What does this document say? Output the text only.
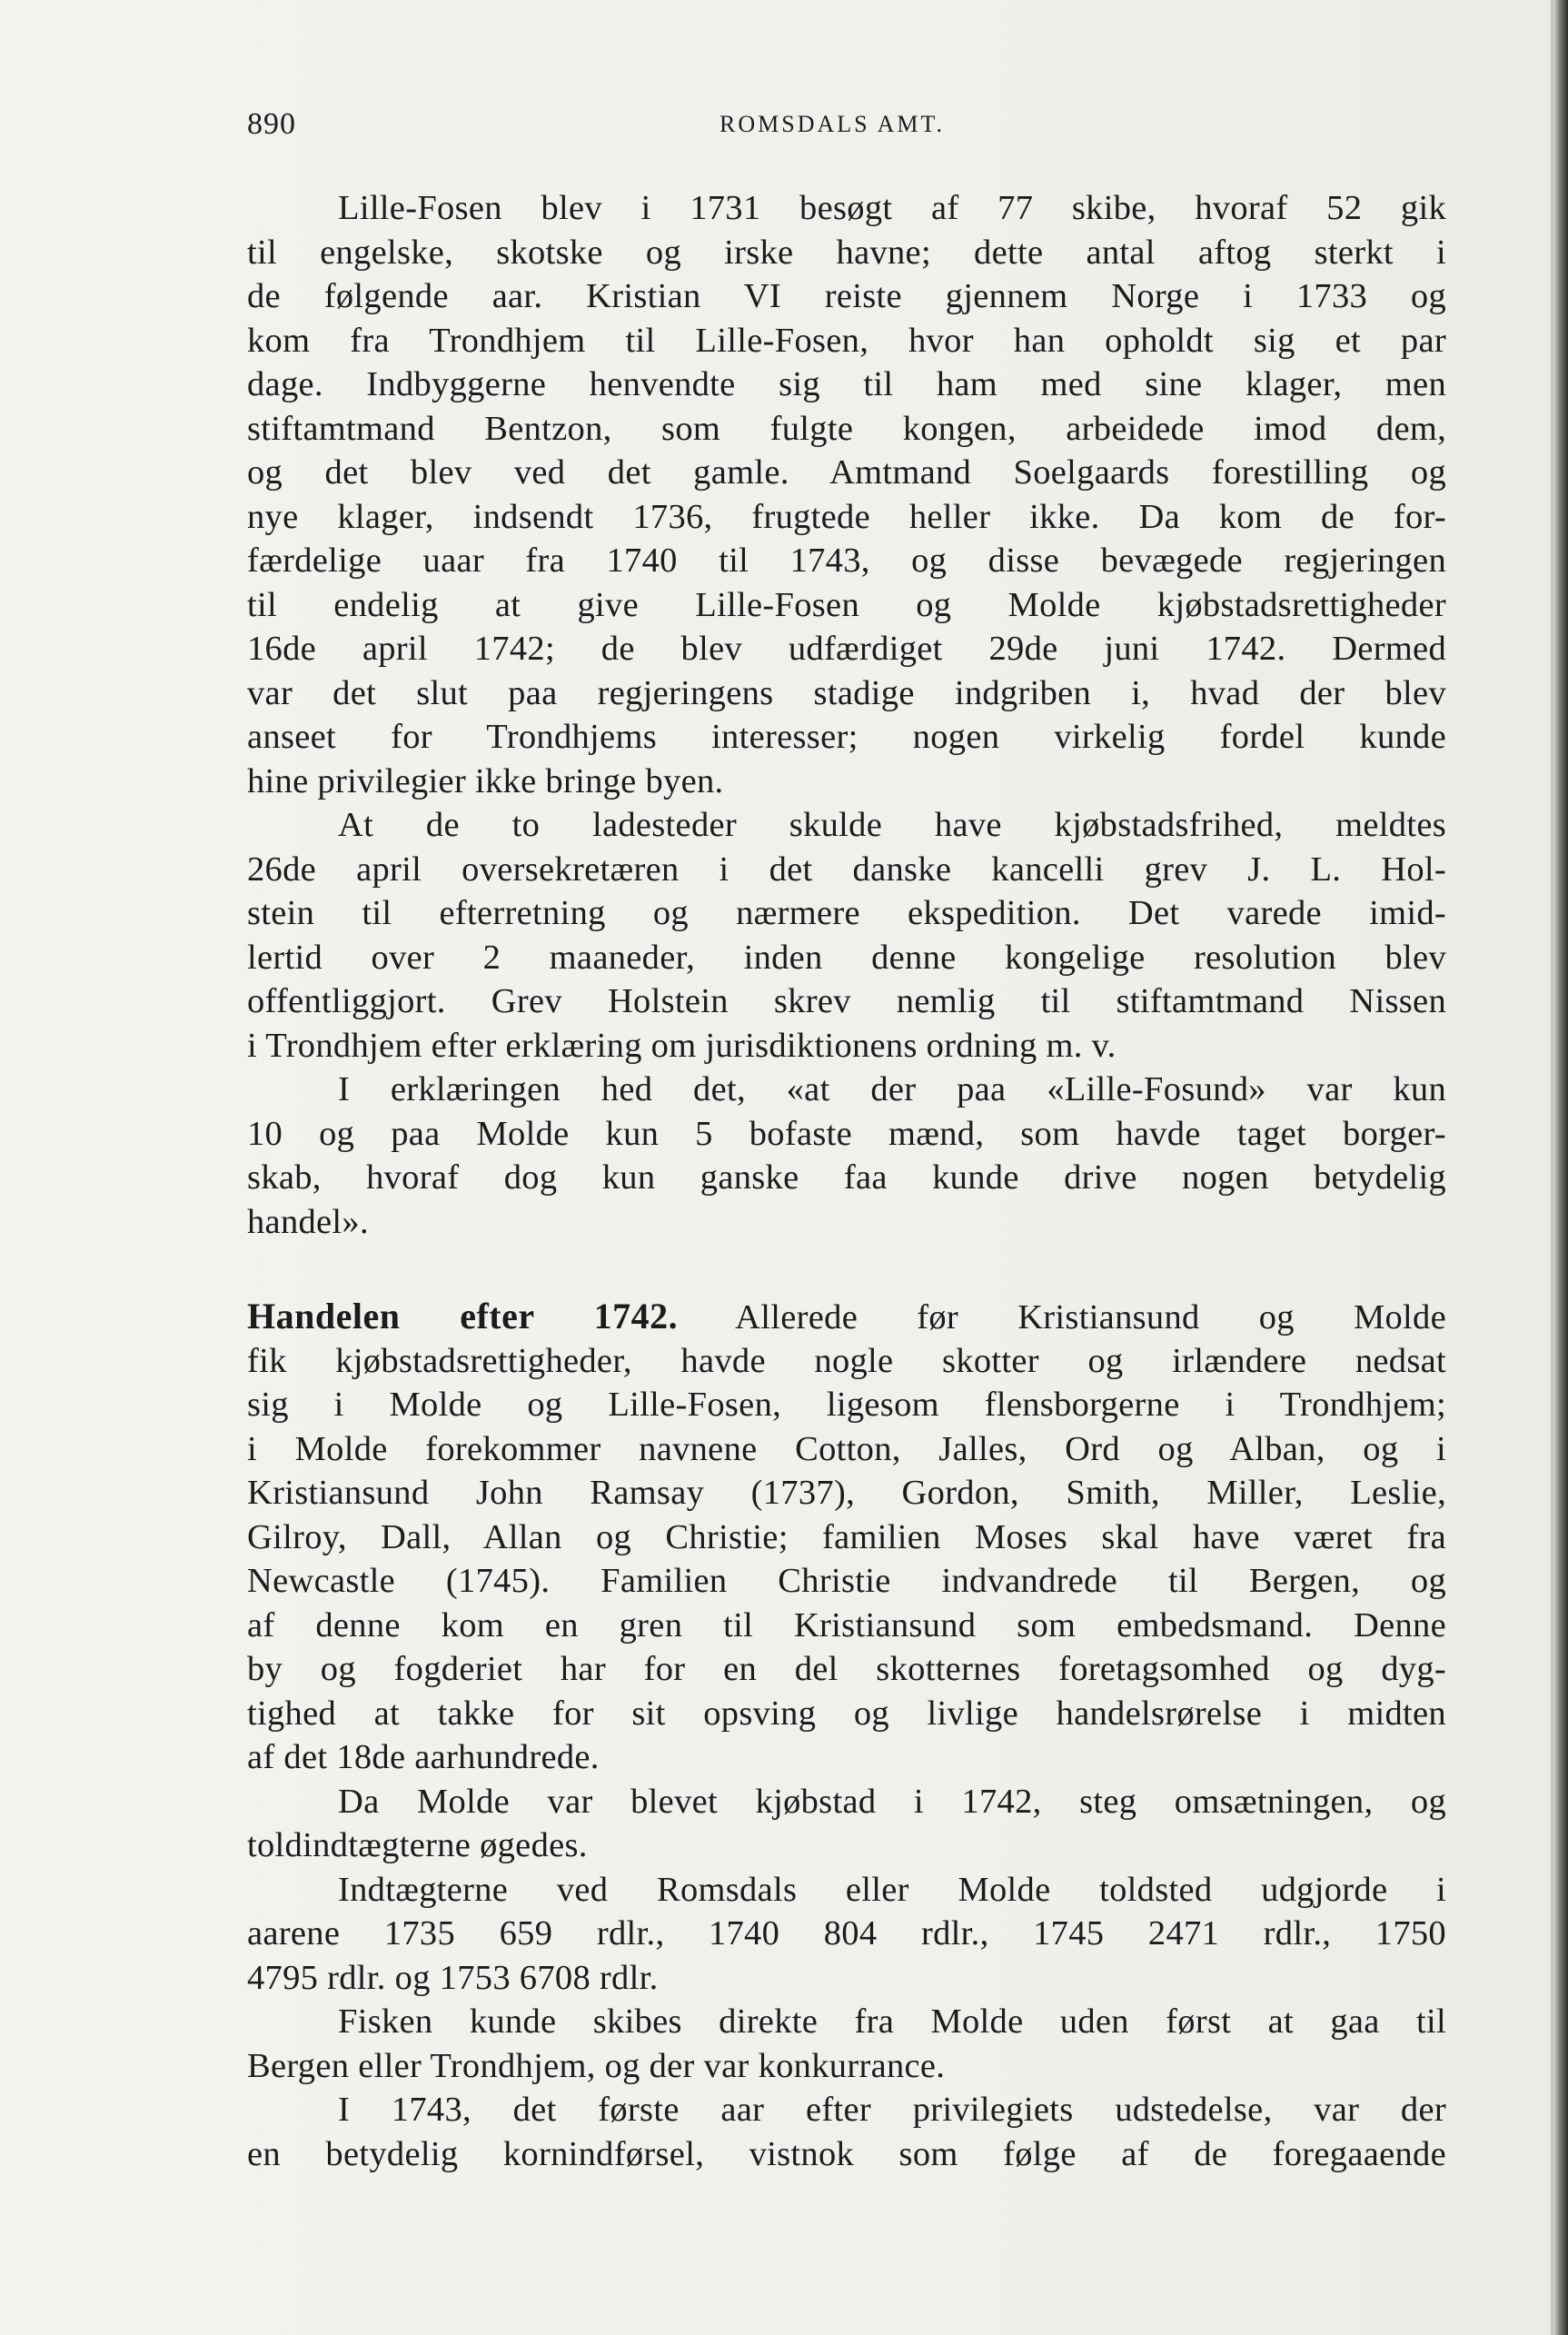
890	ROMSDALS AMT.
Lille-Fosen blev i 1731 besøgt af 77 skibe, hvoraf 52 gik
til engelske, skotske og irske havne; dette antal aftog sterkt i
de følgende aar. Kristian VI reiste gjennem Norge i 1733 og
kom fra Trondhjem til Lille-Fosen, hvor han opholdt sig et par
dage. Indbyggerne henvendte sig til ham med sine klager, men
stiftamtmand Bentzon, som fulgte kongen, arbeidede imod dem,
og det blev ved det gamle. Amtmand Soelgaards forestilling og
nye klager, indsendt 1736, frugtede heller ikke. Da kom de for-
færdelige uaar fra 1740 til 1743, og disse bevægede regjeringen
til endelig at give Lille-Fosen og Molde kjøbstadsrettigheder
16de april 1742; de blev udfærdiget 29de juni 1742. Dermed
var det slut paa regjeringens stadige indgriben i, hvad der blev
anseet for Trondhjems interesser; nogen virkelig fordel kunde
hine privilegier ikke bringe byen.
At de to ladesteder skulde have kjøbstadsfrihed, meldtes
26de april oversekretæren i det danske kancelli grev J. L. Hol-
stein til efterretning og nærmere ekspedition. Det varede imid-
lertid over 2 maaneder, inden denne kongelige resolution blev
offentliggjort. Grev Holstein skrev nemlig til stiftamtmand Nissen
i Trondhjem efter erklæring om jurisdiktionens ordning m. v.
I erklæringen hed det, «at der paa «Lille-Fosund» var kun
10 og paa Molde kun 5 bofaste mænd, som havde taget borger-
skab, hvoraf dog kun ganske faa kunde drive nogen betydelig
handel».
Handelen efter 1742. Allerede før Kristiansund og Molde
fik kjøbstadsrettigheder, havde nogle skotter og irlændere nedsat
sig i Molde og Lille-Fosen, ligesom flensborgerne i Trondhjem;
i Molde forekommer navnene Cotton, Jalles, Ord og Alban, og i
Kristiansund John Ramsay (1737), Gordon, Smith, Miller, Leslie,
Gilroy, Dall, Allan og Christie; familien Moses skal have været fra
Newcastle (1745). Familien Christie indvandrede til Bergen, og
af denne kom en gren til Kristiansund som embedsmand. Denne
by og fogderiet har for en del skotternes foretagsomhed og dyg-
tighed at takke for sit opsving og livlige handelsrørelse i midten
af det 18de aarhundrede.
Da Molde var blevet kjøbstad i 1742, steg omsætningen, og
toldindtægterne øgedes.
Indtægterne ved Romsdals eller Molde toldsted udgjorde i
aarene 1735 659 rdlr., 1740 804 rdlr., 1745 2471 rdlr., 1750
4795 rdlr. og 1753 6708 rdlr.
Fisken kunde skibes direkte fra Molde uden først at gaa til
Bergen eller Trondhjem, og der var konkurrance.
I 1743, det første aar efter privilegiets udstedelse, var der
en betydelig kornindførsel, vistnok som følge af de foregaaende
